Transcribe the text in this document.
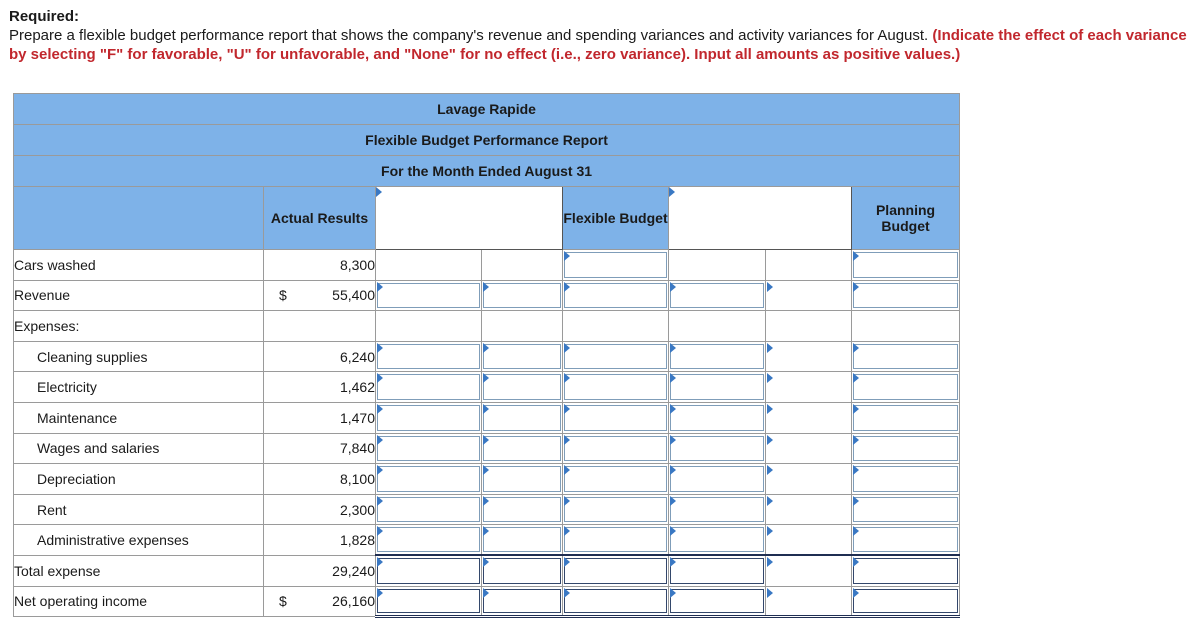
Required:
Prepare a flexible budget performance report that shows the company's revenue and spending variances and activity variances for August. (Indicate the effect of each variance by selecting "F" for favorable, "U" for unfavorable, and "None" for no effect (i.e., zero variance). Input all amounts as positive values.)
Lavage Rapide							
Flexible Budget Performance Report							
For the Month Ended August 31							
	Actual Results			Flexible Budget			Planning Budget
Cars washed	8,300			

Revenue	$ 55,400	

Expenses:	

Cleaning supplies	6,240	

Electricity	1,462	

Maintenance	1,470	

Wages and salaries	7,840	

Depreciation	8,100	

Rent	2,300	

Administrative expenses	1,828	

Total expense	29,240	

Net operating income	$ 26,160	
